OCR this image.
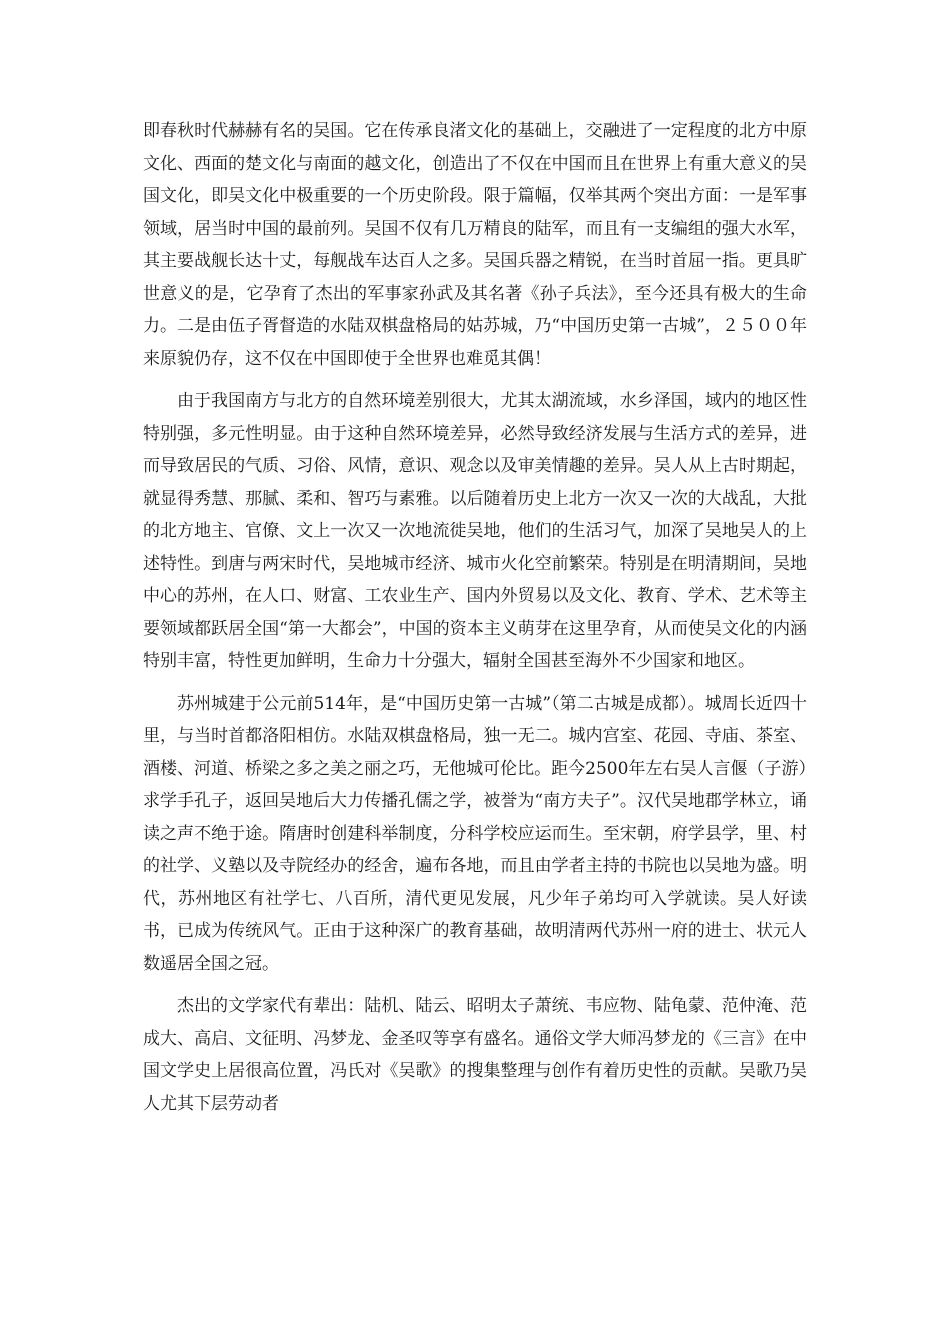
即春秋时代赫赫有名的吴国。它在传承良渚文化的基础上，交融进了一定程度的北方中原文化、西面的楚文化与南面的越文化，创造出了不仅在中国而且在世界上有重大意义的吴国文化，即吴文化中极重要的一个历史阶段。限于篇幅，仅举其两个突出方面：一是军事领域，居当时中国的最前列。吴国不仅有几万精良的陆军，而且有一支编组的强大水军，其主要战舰长达十丈，每舰战车达百人之多。吴国兵器之精锐，在当时首屈一指。更具旷世意义的是，它孕育了杰出的军事家孙武及其名著《孙子兵法》，至今还具有极大的生命力。二是由伍子胥督造的水陆双棋盘格局的姑苏城，乃“中国历史第一古城”，２５００年来原貌仍存，这不仅在中国即使于全世界也难觅其偶！

由于我国南方与北方的自然环境差别很大，尤其太湖流域，水乡泽国，域内的地区性特别强，多元性明显。由于这种自然环境差异，必然导致经济发展与生活方式的差异，进而导致居民的气质、习俗、风情，意识、观念以及审美情趣的差异。吴人从上古时期起，就显得秀慧、那腻、柔和、智巧与素雅。以后随着历史上北方一次又一次的大战乱，大批的北方地主、官僚、文上一次又一次地流徙吴地，他们的生活习气，加深了吴地吴人的上述特性。到唐与两宋时代，吴地城市经济、城市火化空前繁荣。特别是在明清期间，吴地中心的苏州，在人口、财富、工农业生产、国内外贸易以及文化、教育、学术、艺术等主要领域都跃居全国“第一大都会”，中国的资本主义萌芽在这里孕育，从而使吴文化的内涵特别丰富，特性更加鲜明，生命力十分强大，辐射全国甚至海外不少国家和地区。

苏州城建于公元前514年，是“中国历史第一古城”（第二古城是成都）。城周长近四十里，与当时首都洛阳相仿。水陆双棋盘格局，独一无二。城内宫室、花园、寺庙、茶室、酒楼、河道、桥梁之多之美之丽之巧，无他城可伦比。距今2500年左右吴人言偃（子游）求学手孔子，返回吴地后大力传播孔儒之学，被誉为“南方夫子”。汉代吴地郡学林立，诵读之声不绝于途。隋唐时创建科举制度，分科学校应运而生。至宋朝，府学县学，里、村的社学、义塾以及寺院经办的经舍，遍布各地，而且由学者主持的书院也以吴地为盛。明代，苏州地区有社学七、八百所，清代更见发展，凡少年子弟均可入学就读。吴人好读书，已成为传统风气。正由于这种深广的教育基础，故明清两代苏州一府的进士、状元人数遥居全国之冠。

杰出的文学家代有辈出：陆机、陆云、昭明太子萧统、韦应物、陆龟蒙、范仲淹、范成大、高启、文征明、冯梦龙、金圣叹等享有盛名。通俗文学大师冯梦龙的《三言》在中国文学史上居很高位置，冯氏对《吴歌》的搜集整理与创作有着历史性的贡献。吴歌乃吴人尤其下层劳动者
